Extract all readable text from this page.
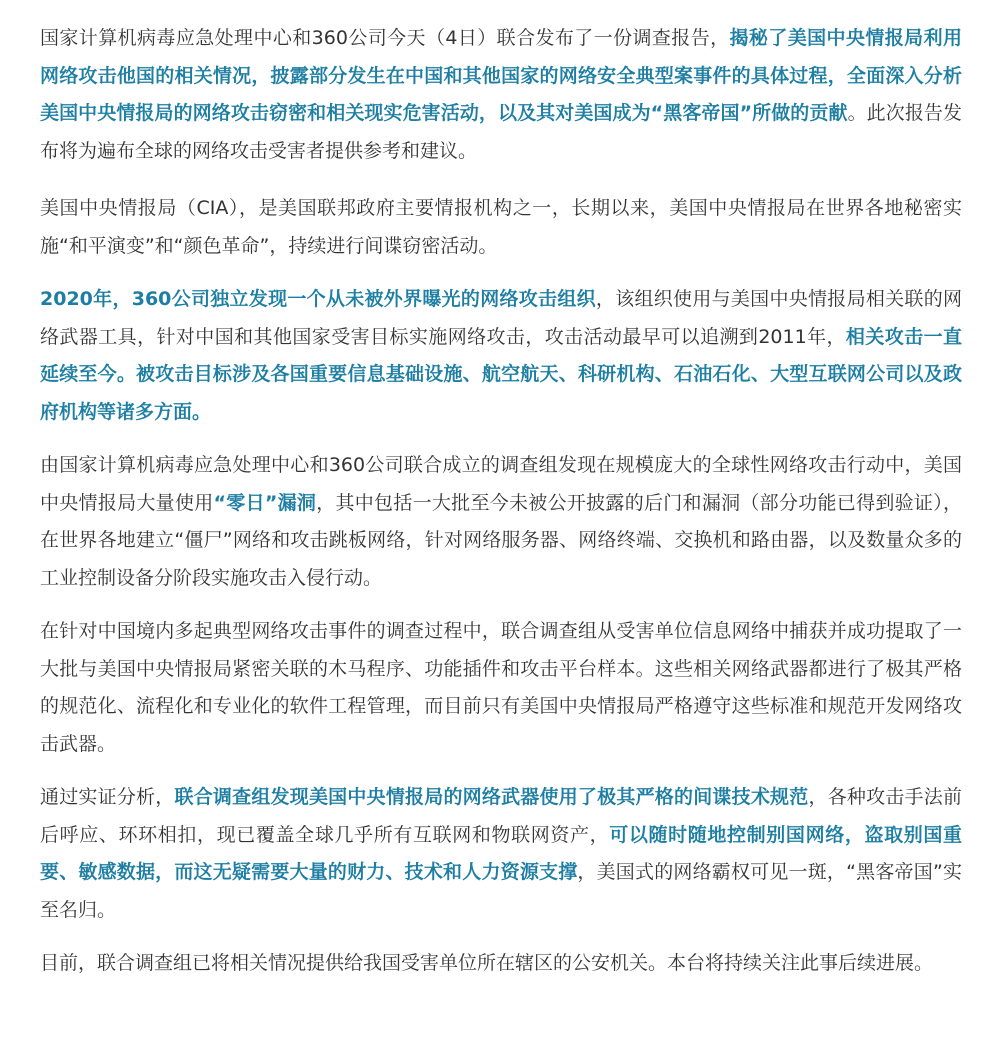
国家计算机病毒应急处理中心和360公司今天（4日）联合发布了一份调查报告，揭秘了美国中央情报局利用网络攻击他国的相关情况，披露部分发生在中国和其他国家的网络安全典型案事件的具体过程，全面深入分析美国中央情报局的网络攻击窃密和相关现实危害活动，以及其对美国成为“黑客帝国”所做的贡献。此次报告发布将为遍布全球的网络攻击受害者提供参考和建议。

美国中央情报局（CIA），是美国联邦政府主要情报机构之一，长期以来，美国中央情报局在世界各地秘密实施“和平演变”和“颜色革命”，持续进行间谍窃密活动。

2020年，360公司独立发现一个从未被外界曝光的网络攻击组织，该组织使用与美国中央情报局相关联的网络武器工具，针对中国和其他国家受害目标实施网络攻击，攻击活动最早可以追溯到2011年，相关攻击一直延续至今。被攻击目标涉及各国重要信息基础设施、航空航天、科研机构、石油石化、大型互联网公司以及政府机构等诸多方面。

由国家计算机病毒应急处理中心和360公司联合成立的调查组发现在规模庞大的全球性网络攻击行动中，美国中央情报局大量使用“零日”漏洞，其中包括一大批至今未被公开披露的后门和漏洞（部分功能已得到验证），在世界各地建立“僵尸”网络和攻击跳板网络，针对网络服务器、网络终端、交换机和路由器，以及数量众多的工业控制设备分阶段实施攻击入侵行动。

在针对中国境内多起典型网络攻击事件的调查过程中，联合调查组从受害单位信息网络中捕获并成功提取了一大批与美国中央情报局紧密关联的木马程序、功能插件和攻击平台样本。这些相关网络武器都进行了极其严格的规范化、流程化和专业化的软件工程管理，而目前只有美国中央情报局严格遵守这些标准和规范开发网络攻击武器。

通过实证分析，联合调查组发现美国中央情报局的网络武器使用了极其严格的间谍技术规范，各种攻击手法前后呼应、环环相扣，现已覆盖全球几乎所有互联网和物联网资产，可以随时随地控制别国网络，盗取别国重要、敏感数据，而这无疑需要大量的财力、技术和人力资源支撑，美国式的网络霸权可见一斑，“黑客帝国”实至名归。

目前，联合调查组已将相关情况提供给我国受害单位所在辖区的公安机关。本台将持续关注此事后续进展。
